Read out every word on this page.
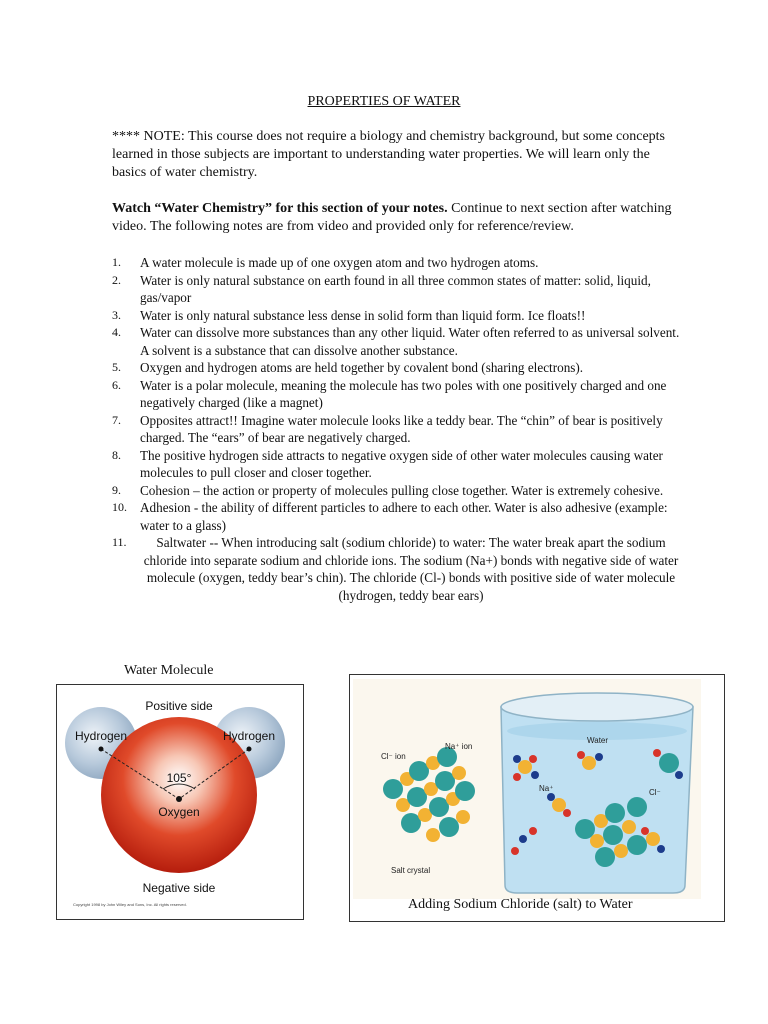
PROPERTIES OF WATER
**** NOTE: This course does not require a biology and chemistry background, but some concepts learned in those subjects are important to understanding water properties. We will learn only the basics of water chemistry.
Watch “Water Chemistry” for this section of your notes. Continue to next section after watching video. The following notes are from video and provided only for reference/review.
1.	A water molecule is made up of one oxygen atom and two hydrogen atoms.
2.	Water is only natural substance on earth found in all three common states of matter: solid, liquid, gas/vapor
3.	Water is only natural substance less dense in solid form than liquid form. Ice floats!!
4.	Water can dissolve more substances than any other liquid. Water often referred to as universal solvent. A solvent is a substance that can dissolve another substance.
5.	Oxygen and hydrogen atoms are held together by covalent bond (sharing electrons).
6.	Water is a polar molecule, meaning the molecule has two poles with one positively charged and one negatively charged (like a magnet)
7.	Opposites attract!! Imagine water molecule looks like a teddy bear. The “chin” of bear is positively charged. The “ears” of bear are negatively charged.
8.	The positive hydrogen side attracts to negative oxygen side of other water molecules causing water molecules to pull closer and closer together.
9.	Cohesion – the action or property of molecules pulling close together. Water is extremely cohesive.
10. Adhesion - the ability of different particles to adhere to each other. Water is also adhesive (example: water to a glass)
11.	Saltwater -- When introducing salt (sodium chloride) to water: The water break apart the sodium chloride into separate sodium and chloride ions. The sodium (Na+) bonds with negative side of water molecule (oxygen, teddy bear’s chin). The chloride (Cl-) bonds with positive side of water molecule (hydrogen, teddy bear ears)
Water Molecule
Positive side
Hydrogen	Hydrogen
105°
Oxygen
Negative side
Copyright 1998 by John Wiley and Sons, Inc. All rights reserved.
Cl⁻ ion
Na⁺ ion
Salt crystal
Water
Na⁺	Cl⁻
Adding Sodium Chloride (salt) to Water
